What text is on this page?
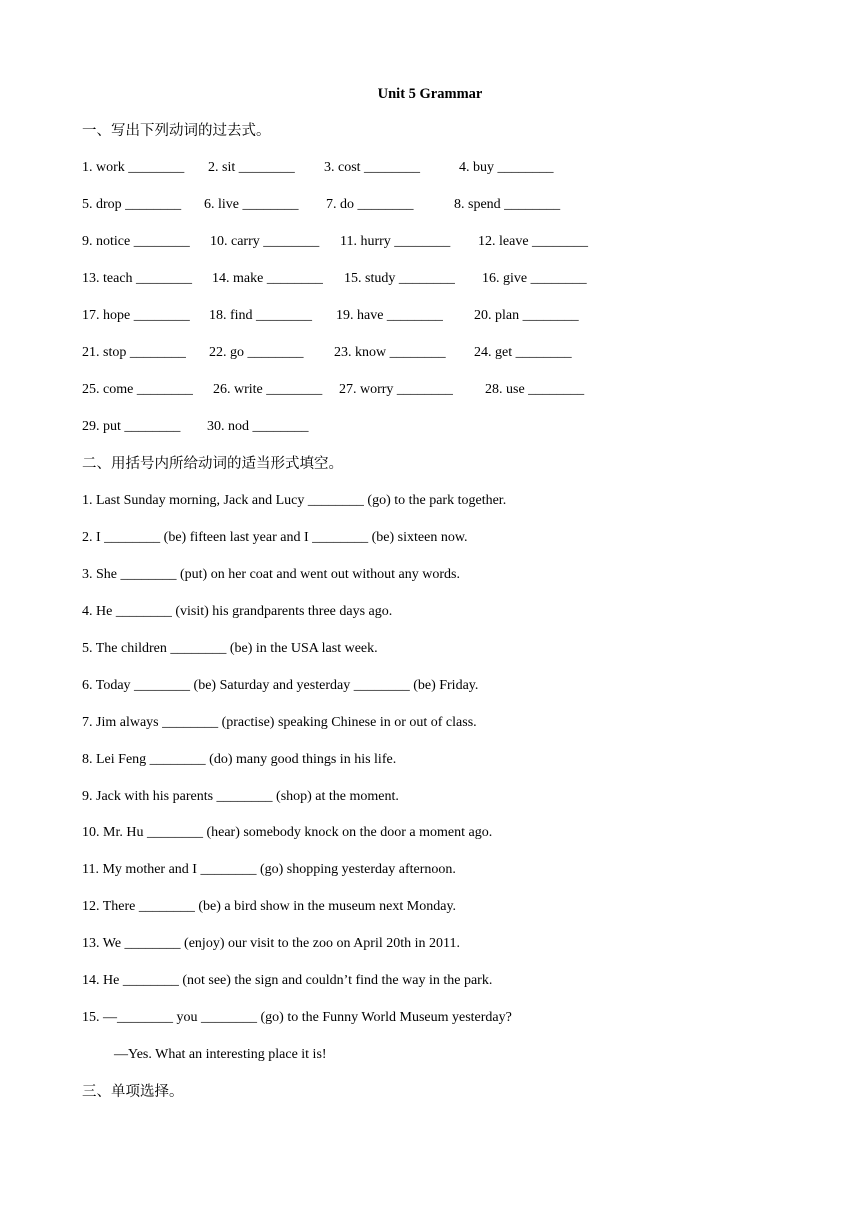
Unit 5 Grammar
一、写出下列动词的过去式。
1. work ________ 2. sit ________ 3. cost ________	4. buy ________
5. drop ________ 6. live ________ 7. do ________	8. spend ________
9. notice ________ 10. carry ________ 11. hurry ________ 12. leave ________
13. teach ________ 14. make ________ 15. study ________ 16. give ________
17. hope ________ 18. find ________ 19. have ________ 20. plan ________
21. stop ________ 22. go ________ 23. know ________ 24. get ________
25. come ________ 26. write ________ 27. worry ________ 28. use ________
29. put ________ 30. nod ________
二、用括号内所给动词的适当形式填空。
1. Last Sunday morning, Jack and Lucy ________ (go) to the park together.
2. I ________ (be) fifteen last year and I ________ (be) sixteen now.
3. She ________ (put) on her coat and went out without any words.
4. He ________ (visit) his grandparents three days ago.
5. The children ________ (be) in the USA last week.
6. Today ________ (be) Saturday and yesterday ________ (be) Friday.
7. Jim always ________ (practise) speaking Chinese in or out of class.
8. Lei Feng ________ (do) many good things in his life.
9. Jack with his parents ________ (shop) at the moment.
10. Mr. Hu ________ (hear) somebody knock on the door a moment ago.
11. My mother and I ________ (go) shopping yesterday afternoon.
12. There ________ (be) a bird show in the museum next Monday.
13. We ________ (enjoy) our visit to the zoo on April 20th in 2011.
14. He ________ (not see) the sign and couldn’t find the way in the park.
15. —________ you ________ (go) to the Funny World Museum yesterday?
—Yes. What an interesting place it is!
三、单项选择。
